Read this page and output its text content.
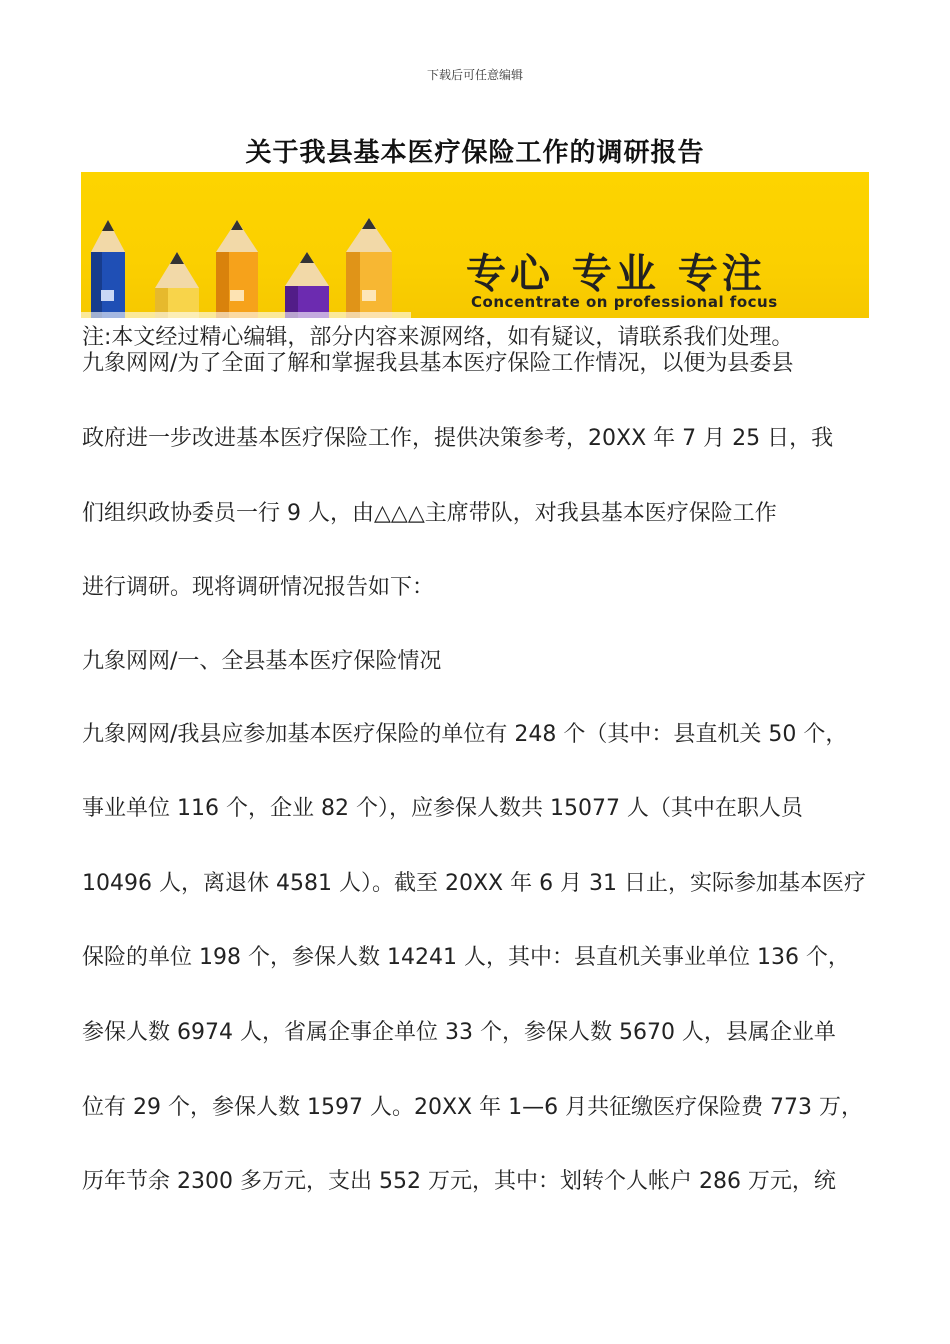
下载后可任意编辑
关于我县基本医疗保险工作的调研报告
专心 专业 专注
Concentrate on professional focus
注:本文经过精心编辑，部分内容来源网络，如有疑议，请联系我们处理。
九象网网/为了全面了解和掌握我县基本医疗保险工作情况，以便为县委县
政府进一步改进基本医疗保险工作，提供决策参考，20XX 年 7 月 25 日，我
们组织政协委员一行 9 人，由△△△主席带队，对我县基本医疗保险工作
进行调研。现将调研情况报告如下：
九象网网/一、全县基本医疗保险情况
九象网网/我县应参加基本医疗保险的单位有 248 个（其中：县直机关 50 个，
事业单位 116 个，企业 82 个），应参保人数共 15077 人（其中在职人员
10496 人，离退休 4581 人）。截至 20XX 年 6 月 31 日止，实际参加基本医疗
保险的单位 198 个，参保人数 14241 人，其中：县直机关事业单位 136 个，
参保人数 6974 人，省属企事企单位 33 个，参保人数 5670 人，县属企业单
位有 29 个，参保人数 1597 人。20XX 年 1—6 月共征缴医疗保险费 773 万，
历年节余 2300 多万元，支出 552 万元，其中：划转个人帐户 286 万元，统
